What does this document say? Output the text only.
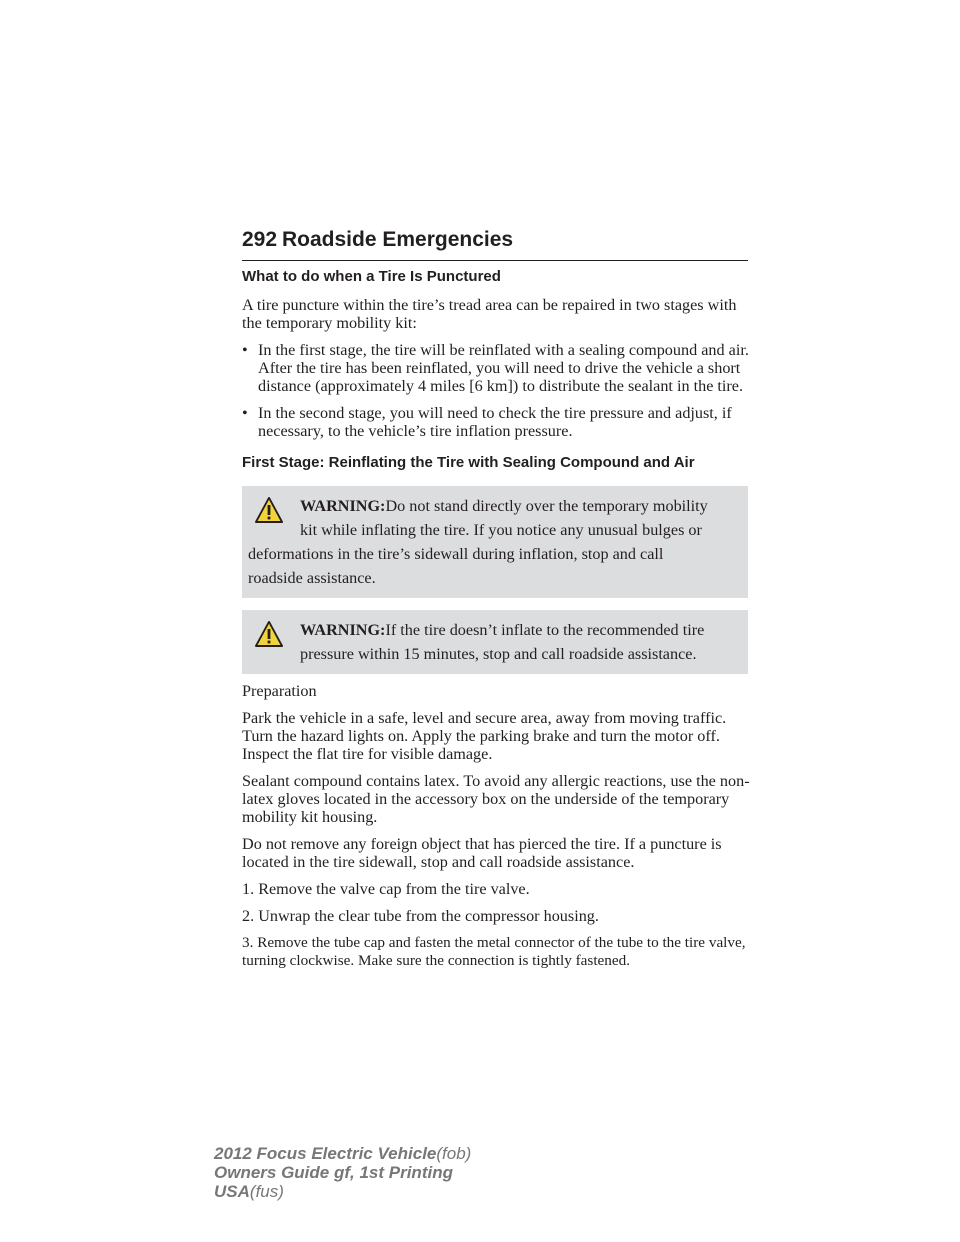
292 Roadside Emergencies
What to do when a Tire Is Punctured

A tire puncture within the tire’s tread area can be repaired in two stages with the temporary mobility kit:

• In the first stage, the tire will be reinflated with a sealing compound and air. After the tire has been reinflated, you will need to drive the vehicle a short distance (approximately 4 miles [6 km]) to distribute the sealant in the tire.
• In the second stage, you will need to check the tire pressure and adjust, if necessary, to the vehicle’s tire inflation pressure.
First Stage: Reinflating the Tire with Sealing Compound and Air
WARNING:Do not stand directly over the temporary mobility
kit while inflating the tire. If you notice any unusual bulges or
deformations in the tire’s sidewall during inflation, stop and call
roadside assistance.
WARNING:If the tire doesn’t inflate to the recommended tire
pressure within 15 minutes, stop and call roadside assistance.

Preparation

Park the vehicle in a safe, level and secure area, away from moving traffic. Turn the hazard lights on. Apply the parking brake and turn the motor off. Inspect the flat tire for visible damage.

Sealant compound contains latex. To avoid any allergic reactions, use the non-latex gloves located in the accessory box on the underside of the temporary mobility kit housing.

Do not remove any foreign object that has pierced the tire. If a puncture is located in the tire sidewall, stop and call roadside assistance.

1. Remove the valve cap from the tire valve.

2. Unwrap the clear tube from the compressor housing.

3. Remove the tube cap and fasten the metal connector of the tube to the tire valve, turning clockwise. Make sure the connection is tightly fastened.

2012 Focus Electric Vehicle(fob)
Owners Guide gf, 1st Printing
USA(fus)
